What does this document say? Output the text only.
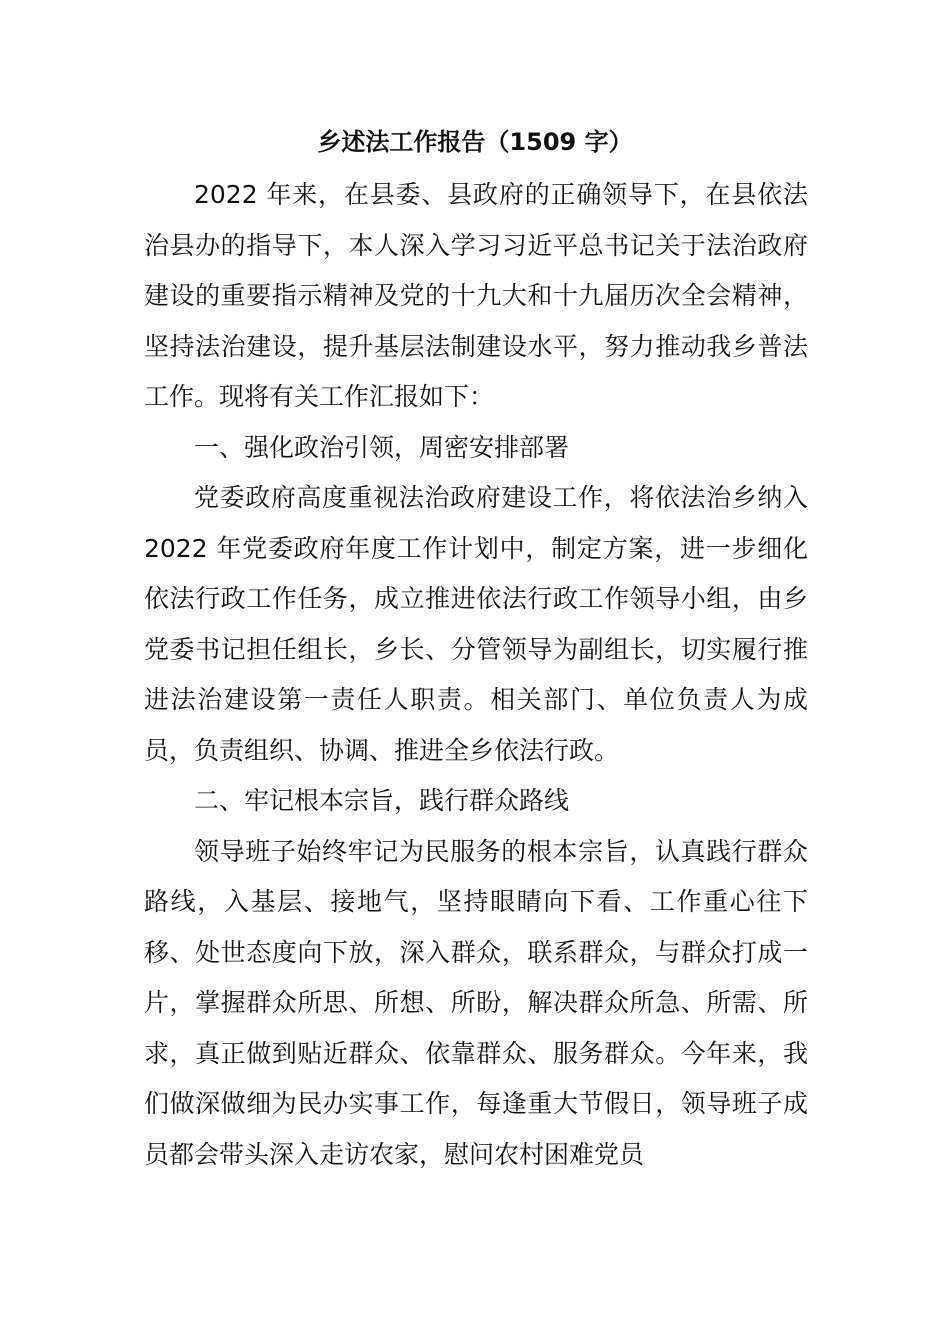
乡述法工作报告（1509 字）

2022 年来，在县委、县政府的正确领导下，在县依法治县办的指导下，本人深入学习习近平总书记关于法治政府建设的重要指示精神及党的十九大和十九届历次全会精神，坚持法治建设，提升基层法制建设水平，努力推动我乡普法工作。现将有关工作汇报如下：

一、强化政治引领，周密安排部署

党委政府高度重视法治政府建设工作，将依法治乡纳入 2022 年党委政府年度工作计划中，制定方案，进一步细化依法行政工作任务，成立推进依法行政工作领导小组，由乡党委书记担任组长，乡长、分管领导为副组长，切实履行推进法治建设第一责任人职责。相关部门、单位负责人为成员，负责组织、协调、推进全乡依法行政。

二、牢记根本宗旨，践行群众路线

领导班子始终牢记为民服务的根本宗旨，认真践行群众路线，入基层、接地气，坚持眼睛向下看、工作重心往下移、处世态度向下放，深入群众，联系群众，与群众打成一片，掌握群众所思、所想、所盼，解决群众所急、所需、所求，真正做到贴近群众、依靠群众、服务群众。今年来，我们做深做细为民办实事工作，每逢重大节假日，领导班子成员都会带头深入走访农家，慰问农村困难党员
